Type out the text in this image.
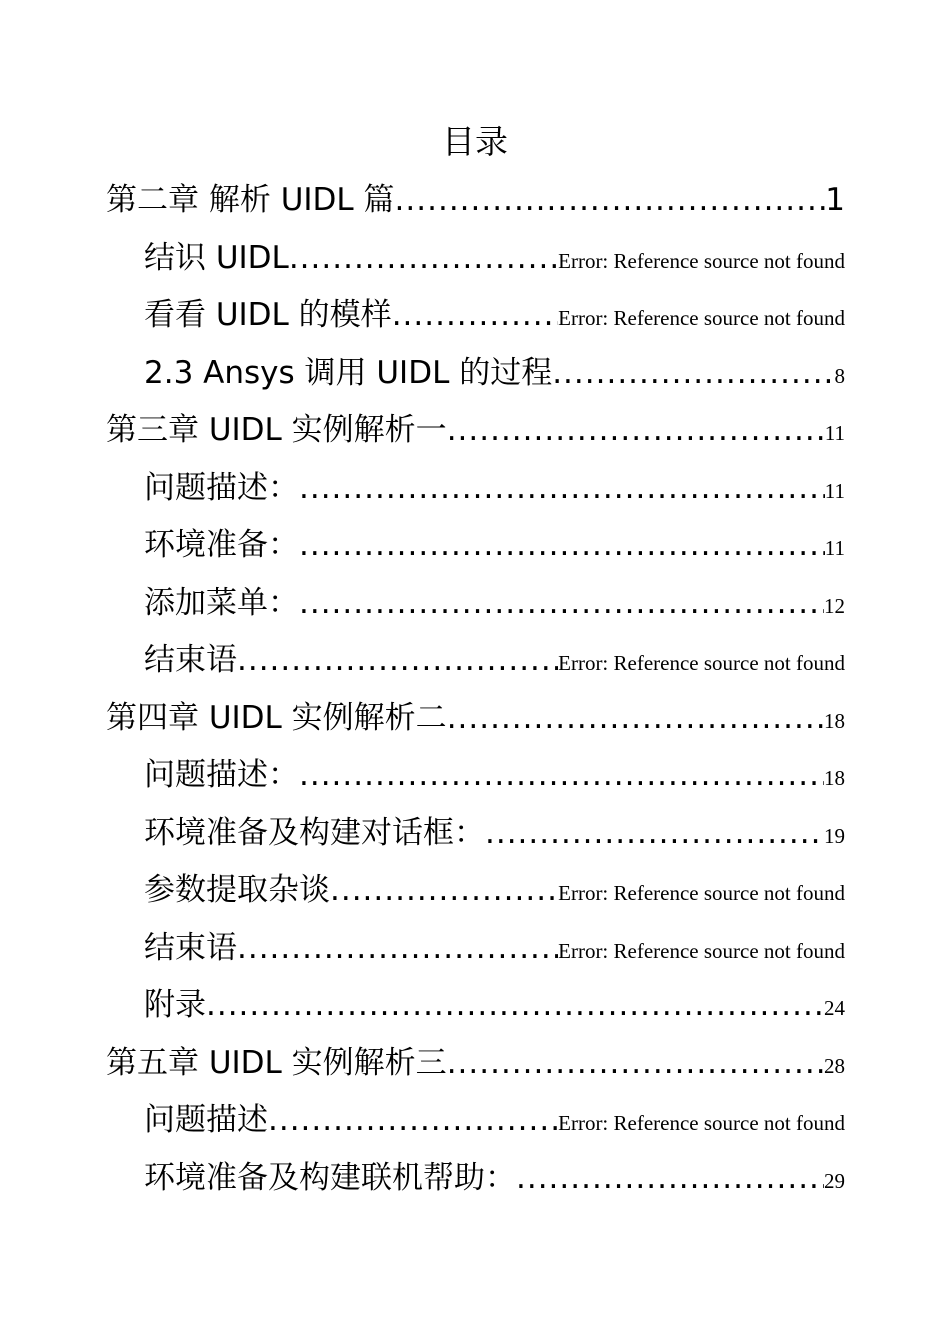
目录
第二章 解析 UIDL 篇 .....	1
结识 UIDL .....	Error: Reference source not found
看看 UIDL 的模样 .....	Error: Reference source not found
2.3 Ansys 调用 UIDL 的过程 .....	8
第三章 UIDL 实例解析一 .....	11
问题描述： .....	11
环境准备： .....	11
添加菜单： .....	12
结束语 .....	Error: Reference source not found
第四章 UIDL 实例解析二 .....	18
问题描述： .....	18
环境准备及构建对话框： .....	19
参数提取杂谈 .....	Error: Reference source not found
结束语 .....	Error: Reference source not found
附录 .....	24
第五章 UIDL 实例解析三 .....	28
问题描述 .....	Error: Reference source not found
环境准备及构建联机帮助： .....	29
